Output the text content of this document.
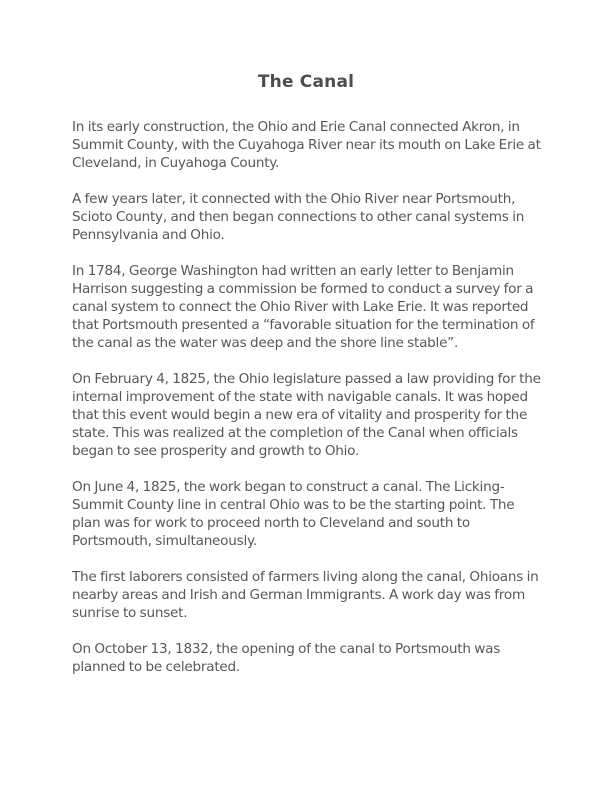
The Canal

In its early construction, the Ohio and Erie Canal connected Akron, in Summit County, with the Cuyahoga River near its mouth on Lake Erie at Cleveland, in Cuyahoga County.

A few years later, it connected with the Ohio River near Portsmouth, Scioto County, and then began connections to other canal systems in Pennsylvania and Ohio.

In 1784, George Washington had written an early letter to Benjamin Harrison suggesting a commission be formed to conduct a survey for a canal system to connect the Ohio River with Lake Erie. It was reported that Portsmouth presented a “favorable situation for the termination of the canal as the water was deep and the shore line stable”.

On February 4, 1825, the Ohio legislature passed a law providing for the internal improvement of the state with navigable canals. It was hoped that this event would begin a new era of vitality and prosperity for the state. This was realized at the completion of the Canal when officials began to see prosperity and growth to Ohio.

On June 4, 1825, the work began to construct a canal. The Licking-Summit County line in central Ohio was to be the starting point. The plan was for work to proceed north to Cleveland and south to Portsmouth, simultaneously.

The first laborers consisted of farmers living along the canal, Ohioans in nearby areas and Irish and German Immigrants. A work day was from sunrise to sunset.

On October 13, 1832, the opening of the canal to Portsmouth was planned to be celebrated.
